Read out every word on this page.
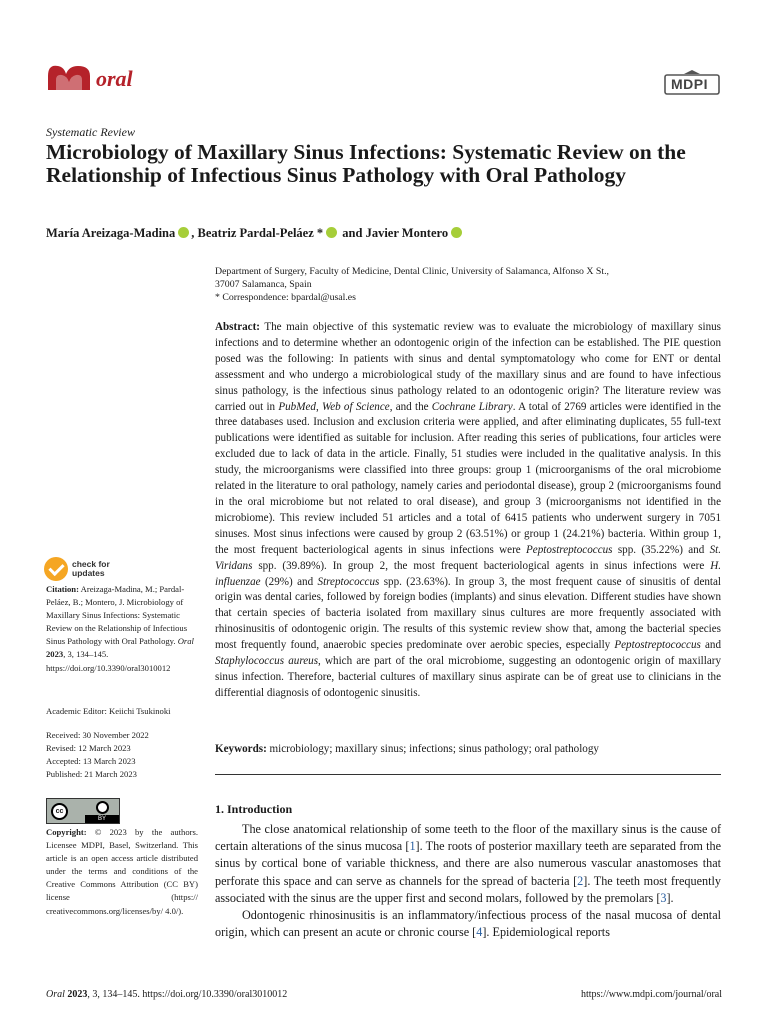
oral	MDPI
Systematic Review
Microbiology of Maxillary Sinus Infections: Systematic Review on the Relationship of Infectious Sinus Pathology with Oral Pathology
María Areizaga-Madina , Beatriz Pardal-Peláez * and Javier Montero
Department of Surgery, Faculty of Medicine, Dental Clinic, University of Salamanca, Alfonso X St.,
37007 Salamanca, Spain
* Correspondence: bpardal@usal.es
Abstract: The main objective of this systematic review was to evaluate the microbiology of maxillary sinus infections and to determine whether an odontogenic origin of the infection can be established. The PIE question posed was the following: In patients with sinus and dental symptomatology who come for ENT or dental assessment and who undergo a microbiological study of the maxillary sinus and are found to have infectious sinus pathology, is the infectious sinus pathology related to an odontogenic origin? The literature review was carried out in PubMed, Web of Science, and the Cochrane Library. A total of 2769 articles were identified in the three databases used. Inclusion and exclusion criteria were applied, and after eliminating duplicates, 55 full-text publications were identified as suitable for inclusion. After reading this series of publications, four articles were excluded due to lack of data in the article. Finally, 51 studies were included in the qualitative analysis. In this study, the microorganisms were classified into three groups: group 1 (microorganisms of the oral microbiome related in the literature to oral pathology, namely caries and periodontal disease), group 2 (microorganisms found in the oral microbiome but not related to oral disease), and group 3 (microorganisms not identified in the microbiome). This review included 51 articles and a total of 6415 patients who underwent surgery in 7051 sinuses. Most sinus infections were caused by group 2 (63.51%) or group 1 (24.21%) bacteria. Within group 1, the most frequent bacteriological agents in sinus infections were Peptostreptococcus spp. (35.22%) and St. Viridans spp. (39.89%). In group 2, the most frequent bacteriological agents in sinus infections were H. influenzae (29%) and Streptococcus spp. (23.63%). In group 3, the most frequent cause of sinusitis of dental origin was dental caries, followed by foreign bodies (implants) and sinus elevation. Different studies have shown that certain species of bacteria isolated from maxillary sinus cultures are more frequently associated with rhinosinusitis of odontogenic origin. The results of this systemic review show that, among the bacterial species most frequently found, anaerobic species predominate over aerobic species, especially Peptostreptococcus and Staphylococcus aureus, which are part of the oral microbiome, suggesting an odontogenic origin of maxillary sinus infection. Therefore, bacterial cultures of maxillary sinus aspirate can be of great use to clinicians in the differential diagnosis of odontogenic sinusitis.
Keywords: microbiology; maxillary sinus; infections; sinus pathology; oral pathology
1. Introduction

The close anatomical relationship of some teeth to the floor of the maxillary sinus is the cause of certain alterations of the sinus mucosa [1]. The roots of posterior maxillary teeth are separated from the sinus by cortical bone of variable thickness, and there are also numerous vascular anastomoses that perforate this space and can serve as channels for the spread of bacteria [2]. The teeth most frequently associated with the sinus are the upper first and second molars, followed by the premolars [3].

Odontogenic rhinosinusitis is an inflammatory/infectious process of the nasal mucosa of dental origin, which can present an acute or chronic course [4]. Epidemiological reports

check for
updates
Citation: Areizaga-Madina, M.; Pardal-Peláez, B.; Montero, J. Microbiology of Maxillary Sinus Infections: Systematic Review on the Relationship of Infectious Sinus Pathology with Oral Pathology. Oral 2023, 3, 134–145. https://doi.org/10.3390/oral3010012
Academic Editor: Keiichi Tsukinoki
Received: 30 November 2022
Revised: 12 March 2023
Accepted: 13 March 2023
Published: 21 March 2023
cc
BY
Copyright: © 2023 by the authors. Licensee MDPI, Basel, Switzerland. This article is an open access article distributed under the terms and conditions of the Creative Commons Attribution (CC BY) license (https:// creativecommons.org/licenses/by/ 4.0/).
Oral 2023, 3, 134–145. https://doi.org/10.3390/oral3010012	https://www.mdpi.com/journal/oral
